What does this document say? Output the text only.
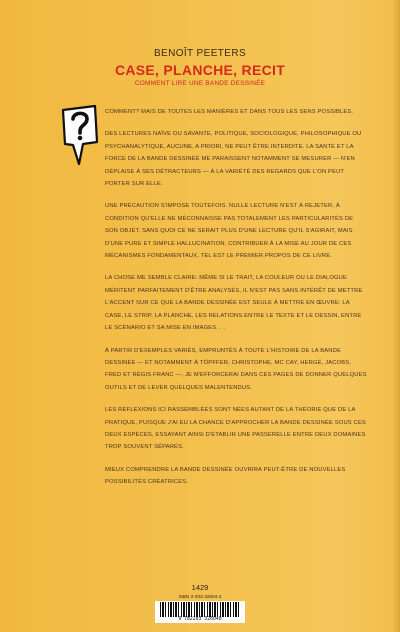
BENOÎT PEETERS
CASE, PLANCHE, RECIT
COMMENT LIRE UNE BANDE DESSINÉE

COMMENT? MAIS DE TOUTES LES MANIÈRES ET DANS TOUS LES SENS POSSIBLES.

DES LECTURES NAÏVE OU SAVANTE, POLITIQUE, SOCIOLOGIQUE, PHILOSOPHIQUE OU PSYCHANALYTIQUE, AUCUNE, A PRIORI, NE PEUT ÊTRE INTERDITE. LA SANTÉ ET LA FORCE DE LA BANDE DESSINÉE ME PARAISSENT NOTAMMENT SE MESURER — N'EN DÉPLAISE À SES DÉTRACTEURS — À LA VARIÉTÉ DES REGARDS QUE L'ON PEUT PORTER SUR ELLE.

UNE PRÉCAUTION S'IMPOSE TOUTEFOIS. NULLE LECTURE N'EST À REJETER, À CONDITION QU'ELLE NE MÉCONNAISSE PAS TOTALEMENT LES PARTICULARITÉS DE SON OBJET. SANS QUOI CE NE SERAIT PLUS D'UNE LECTURE QU'IL S'AGIRAIT, MAIS D'UNE PURE ET SIMPLE HALLUCINATION. CONTRIBUER À LA MISE AU JOUR DE CES MÉCANISMES FONDAMENTAUX, TEL EST LE PREMIER PROPOS DE CE LIVRE.

LA CHOSE ME SEMBLE CLAIRE: MÊME SI LE TRAIT, LA COULEUR OU LE DIALOGUE MÉRITENT PARFAITEMENT D'ÊTRE ANALYSÉS, IL N'EST PAS SANS INTÉRÊT DE METTRE L'ACCENT SUR CE QUE LA BANDE DESSINÉE EST SEULE À METTRE EN ŒUVRE: LA CASE, LE STRIP, LA PLANCHE, LES RELATIONS ENTRE LE TEXTE ET LE DESSIN, ENTRE LE SCÉNARIO ET SA MISE EN IMAGES. . .

À PARTIR D'EXEMPLES VARIÉS, EMPRUNTÉS À TOUTE L'HISTOIRE DE LA BANDE DESSINÉE — ET NOTAMMENT À TÖPFFER, CHRISTOPHE, MC CAY, HERGÉ, JACOBS, FRED ET RÉGIS FRANC —, JE M'EFFORCERAI DANS CES PAGES DE DONNER QUELQUES OUTILS ET DE LEVER QUELQUES MALENTENDUS.

LES RÉFLEXIONS ICI RASSEMBLÉES SONT NÉES AUTANT DE LA THÉORIE QUE DE LA PRATIQUE, PUISQUE J'AI EU LA CHANCE D'APPROCHER LA BANDE DESSINÉE SOUS CES DEUX ESPÈCES, ESSAYANT AINSI D'ÉTABLIR UNE PASSERELLE ENTRE DEUX DOMAINES TROP SOUVENT SÉPARÉS.

MIEUX COMPRENDRE LA BANDE DESSINÉE OUVRIRA PEUT-ÊTRE DE NOUVELLES POSSIBILITÉS CRÉATRICES.

1429
ISBN 2-203-32604-2
9 782203 326040
